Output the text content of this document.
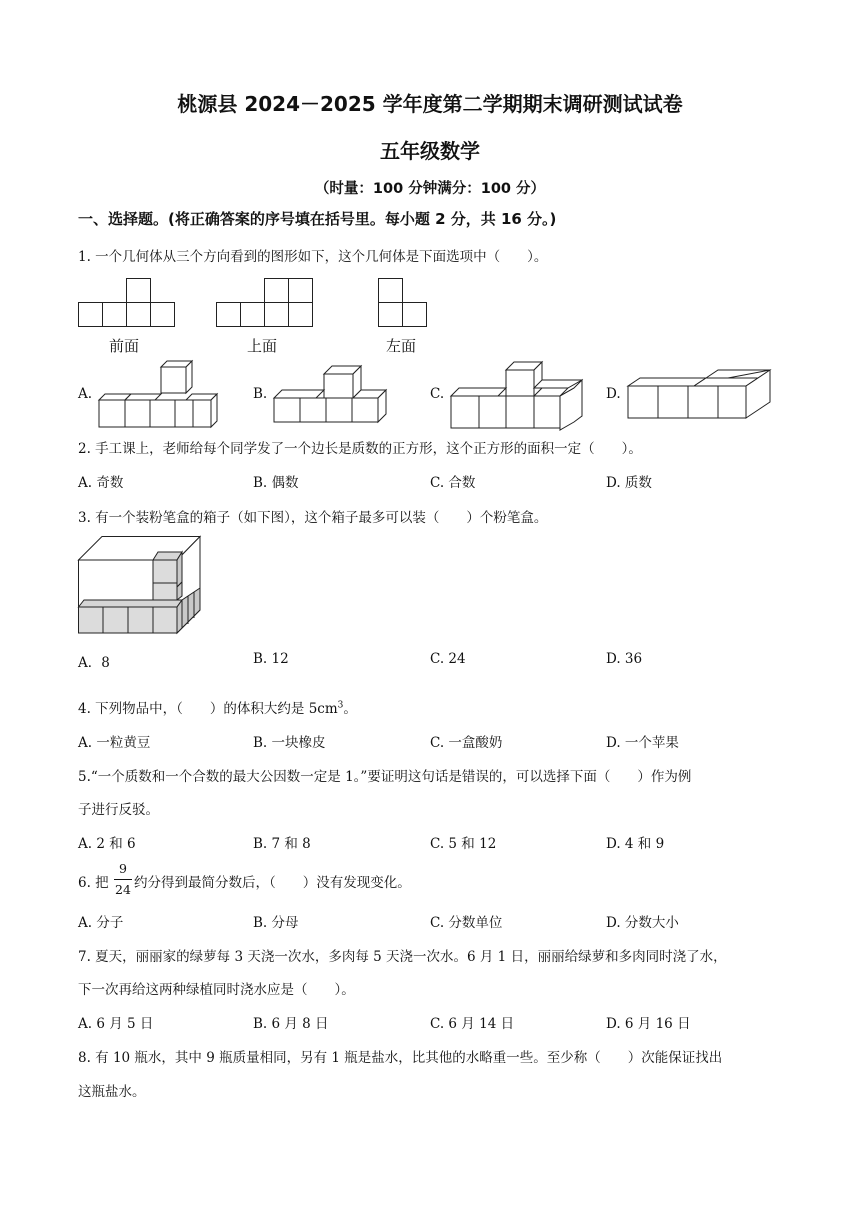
桃源县 2024－2025 学年度第二学期期末调研测试试卷
五年级数学
（时量：100 分钟满分：100 分）
一、选择题。(将正确答案的序号填在括号里。每小题 2 分，共 16 分。)
1. 一个几何体从三个方向看到的图形如下，这个几何体是下面选项中（　　）。
前面	上面	左面
A.	B.	C.	D.
2. 手工课上，老师给每个同学发了一个边长是质数的正方形，这个正方形的面积一定（　　）。
A. 奇数	B. 偶数	C. 合数	D. 质数
3. 有一个装粉笔盒的箱子（如下图），这个箱子最多可以装（　　）个粉笔盒。
A．8	B. 12	C. 24	D. 36
4. 下列物品中，（　　）的体积大约是 $5cm^3$。
A. 一粒黄豆	B. 一块橡皮	C. 一盒酸奶	D. 一个苹果
5.“一个质数和一个合数的最大公因数一定是 1。”要证明这句话是错误的，可以选择下面（　　）作为例
子进行反驳。
A. 2 和 6	B. 7 和 8	C. 5 和 12	D. 4 和 9
6. 把
9
24 约分得到最简分数后，（　　）没有发现变化。
A. 分子	B. 分母	C. 分数单位	D. 分数大小
7. 夏天，丽丽家的绿萝每 3 天浇一次水，多肉每 5 天浇一次水。6 月 1 日，丽丽给绿萝和多肉同时浇了水，
下一次再给这两种绿植同时浇水应是（　　）。
A. 6 月 5 日	B. 6 月 8 日	C. 6 月 14 日	D. 6 月 16 日
8. 有 10 瓶水，其中 9 瓶质量相同，另有 1 瓶是盐水，比其他的水略重一些。至少称（　　）次能保证找出
这瓶盐水。
